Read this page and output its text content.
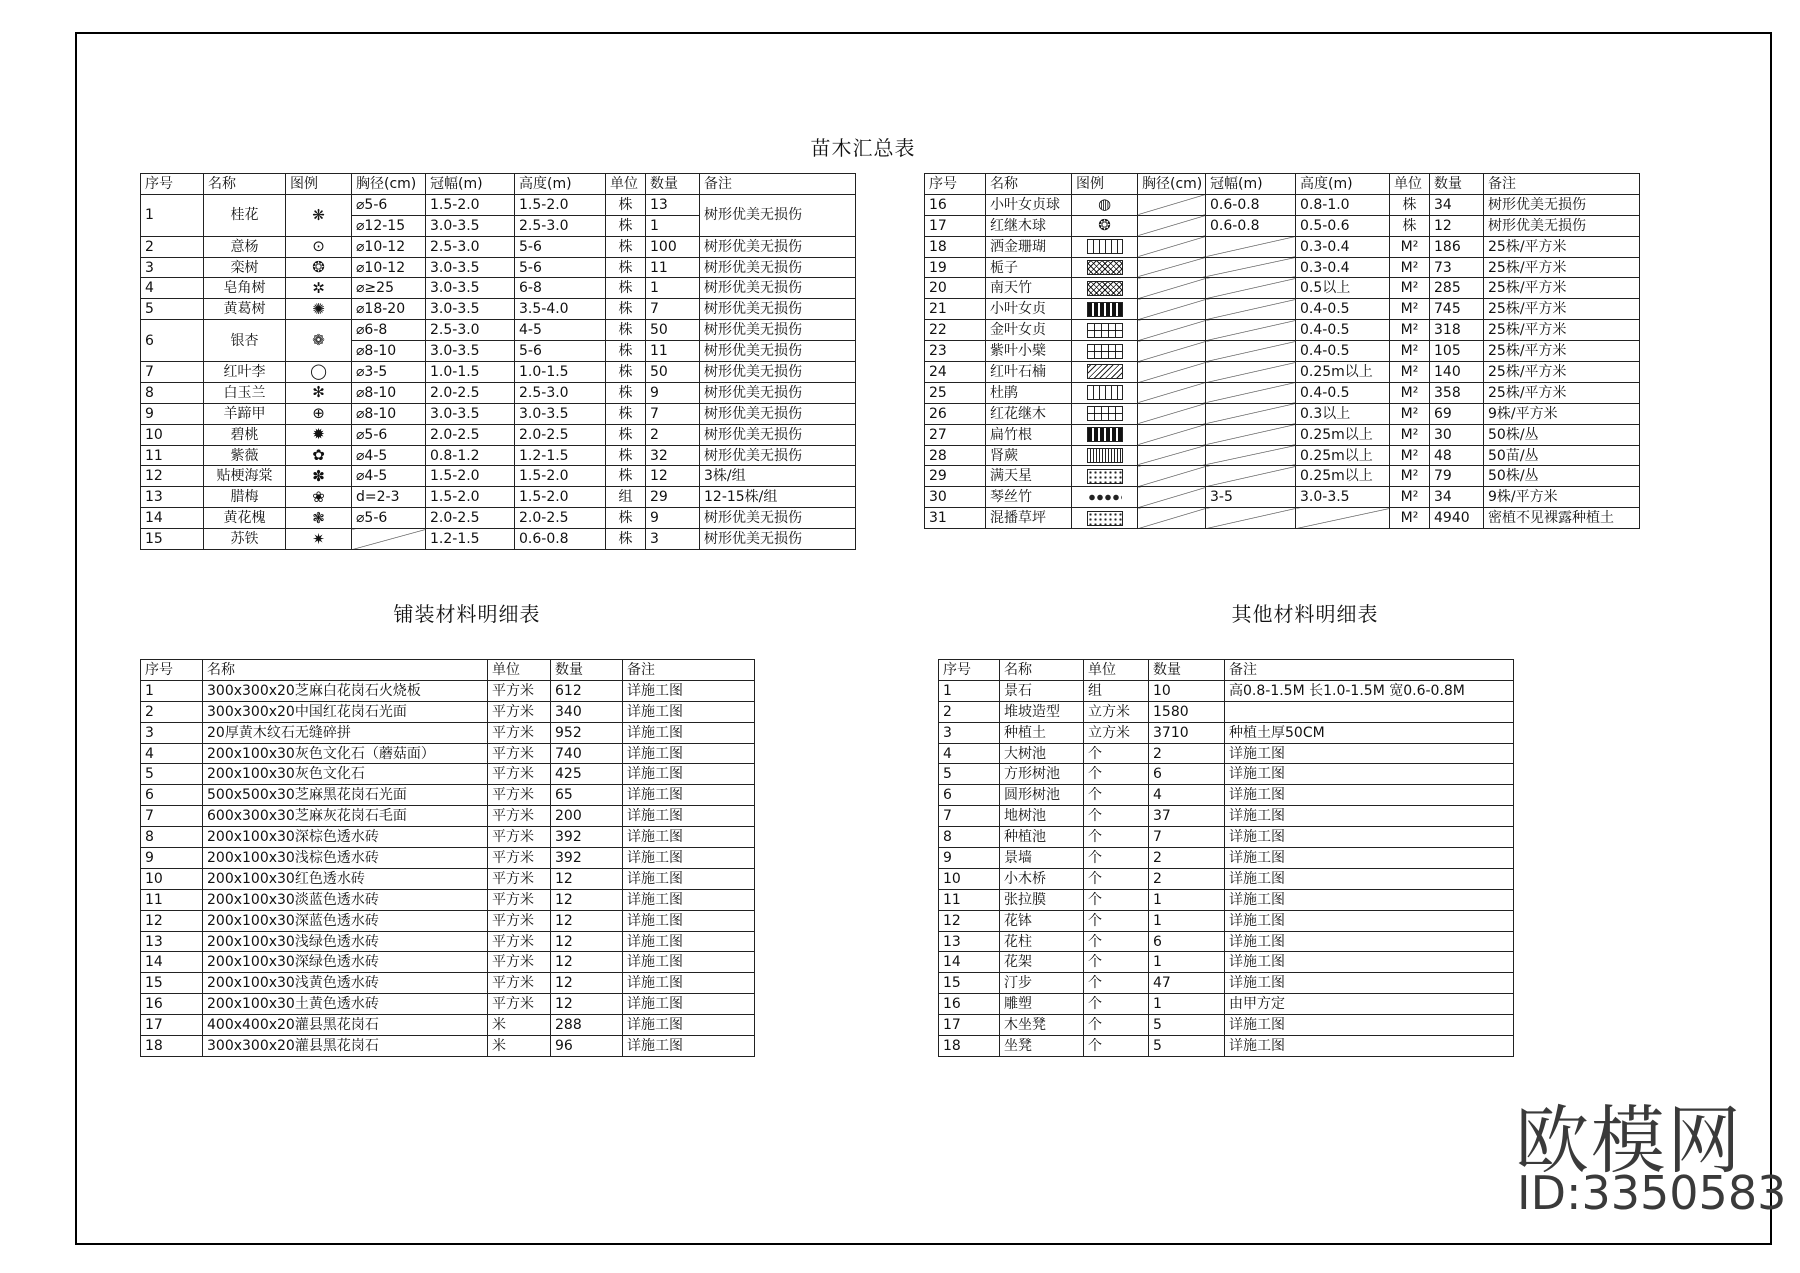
苗木汇总表
序号	名称	图例	胸径(cm)	冠幅(m)	高度(m)	单位	数量	备注
1	桂花	❋	⌀5-6	1.5-2.0	1.5-2.0	株	13	树形优美无损伤
			⌀12-15	3.0-3.5	2.5-3.0	株	1	
2	意杨	⊙	⌀10-12	2.5-3.0	5-6	株	100	树形优美无损伤
3	栾树	❂	⌀10-12	3.0-3.5	5-6	株	11	树形优美无损伤
4	皂角树	✲	⌀≥25	3.0-3.5	6-8	株	1	树形优美无损伤
5	黄葛树	✺	⌀18-20	3.0-3.5	3.5-4.0	株	7	树形优美无损伤
6	银杏	❁	⌀6-8	2.5-3.0	4-5	株	50	树形优美无损伤
			⌀8-10	3.0-3.5	5-6	株	11	树形优美无损伤
7	红叶李	◯	⌀3-5	1.0-1.5	1.0-1.5	株	50	树形优美无损伤
8	白玉兰	✻	⌀8-10	2.0-2.5	2.5-3.0	株	9	树形优美无损伤
9	羊蹄甲	⊕	⌀8-10	3.0-3.5	3.0-3.5	株	7	树形优美无损伤
10	碧桃	✹	⌀5-6	2.0-2.5	2.0-2.5	株	2	树形优美无损伤
11	紫薇	✿	⌀4-5	0.8-1.2	1.2-1.5	株	32	树形优美无损伤
12	贴梗海棠	✽	⌀4-5	1.5-2.0	1.5-2.0	株	12	3株/组
13	腊梅	❀	d=2-3	1.5-2.0	1.5-2.0	组	29	12-15株/组
14	黄花槐	❃	⌀5-6	2.0-2.5	2.0-2.5	株	9	树形优美无损伤
15	苏铁	✷		1.2-1.5	0.6-0.8	株	3	树形优美无损伤
序号	名称	图例	胸径(cm)	冠幅(m)	高度(m)	单位	数量	备注
16	小叶女贞球	◍		0.6-0.8	0.8-1.0	株	34	树形优美无损伤
17	红继木球	❂		0.6-0.8	0.5-0.6	株	12	树形优美无损伤
18	洒金珊瑚				0.3-0.4	M²	186	25株/平方米
19	栀子				0.3-0.4	M²	73	25株/平方米
20	南天竹				0.5以上	M²	285	25株/平方米
21	小叶女贞				0.4-0.5	M²	745	25株/平方米
22	金叶女贞				0.4-0.5	M²	318	25株/平方米
23	紫叶小檗				0.4-0.5	M²	105	25株/平方米
24	红叶石楠				0.25m以上	M²	140	25株/平方米
25	杜鹃				0.4-0.5	M²	358	25株/平方米
26	红花继木				0.3以上	M²	69	9株/平方米
27	扁竹根				0.25m以上	M²	30	50株/丛
28	肾蕨				0.25m以上	M²	48	50苗/丛
29	满天星				0.25m以上	M²	79	50株/丛
30	琴丝竹			3-5	3.0-3.5	M²	34	9株/平方米
31	混播草坪					M²	4940	密植不见裸露种植土
铺装材料明细表
序号	名称	单位	数量	备注
1	300x300x20芝麻白花岗石火烧板	平方米	612	详施工图
2	300x300x20中国红花岗石光面	平方米	340	详施工图
3	20厚黄木纹石无缝碎拼	平方米	952	详施工图
4	200x100x30灰色文化石（蘑菇面）	平方米	740	详施工图
5	200x100x30灰色文化石	平方米	425	详施工图
6	500x500x30芝麻黑花岗石光面	平方米	65	详施工图
7	600x300x30芝麻灰花岗石毛面	平方米	200	详施工图
8	200x100x30深棕色透水砖	平方米	392	详施工图
9	200x100x30浅棕色透水砖	平方米	392	详施工图
10	200x100x30红色透水砖	平方米	12	详施工图
11	200x100x30淡蓝色透水砖	平方米	12	详施工图
12	200x100x30深蓝色透水砖	平方米	12	详施工图
13	200x100x30浅绿色透水砖	平方米	12	详施工图
14	200x100x30深绿色透水砖	平方米	12	详施工图
15	200x100x30浅黄色透水砖	平方米	12	详施工图
16	200x100x30土黄色透水砖	平方米	12	详施工图
17	400x400x20灌县黑花岗石	米	288	详施工图
18	300x300x20灌县黑花岗石	米	96	详施工图
其他材料明细表
序号	名称	单位	数量	备注
1	景石	组	10	高0.8-1.5M 长1.0-1.5M 宽0.6-0.8M
2	堆坡造型	立方米	1580	
3	种植土	立方米	3710	种植土厚50CM
4	大树池	个	2	详施工图
5	方形树池	个	6	详施工图
6	圆形树池	个	4	详施工图
7	地树池	个	37	详施工图
8	种植池	个	7	详施工图
9	景墙	个	2	详施工图
10	小木桥	个	2	详施工图
11	张拉膜	个	1	详施工图
12	花钵	个	1	详施工图
13	花柱	个	6	详施工图
14	花架	个	1	详施工图
15	汀步	个	47	详施工图
16	雕塑	个	1	由甲方定
17	木坐凳	个	5	详施工图
18	坐凳	个	5	详施工图
欧模网
ID:3350583
